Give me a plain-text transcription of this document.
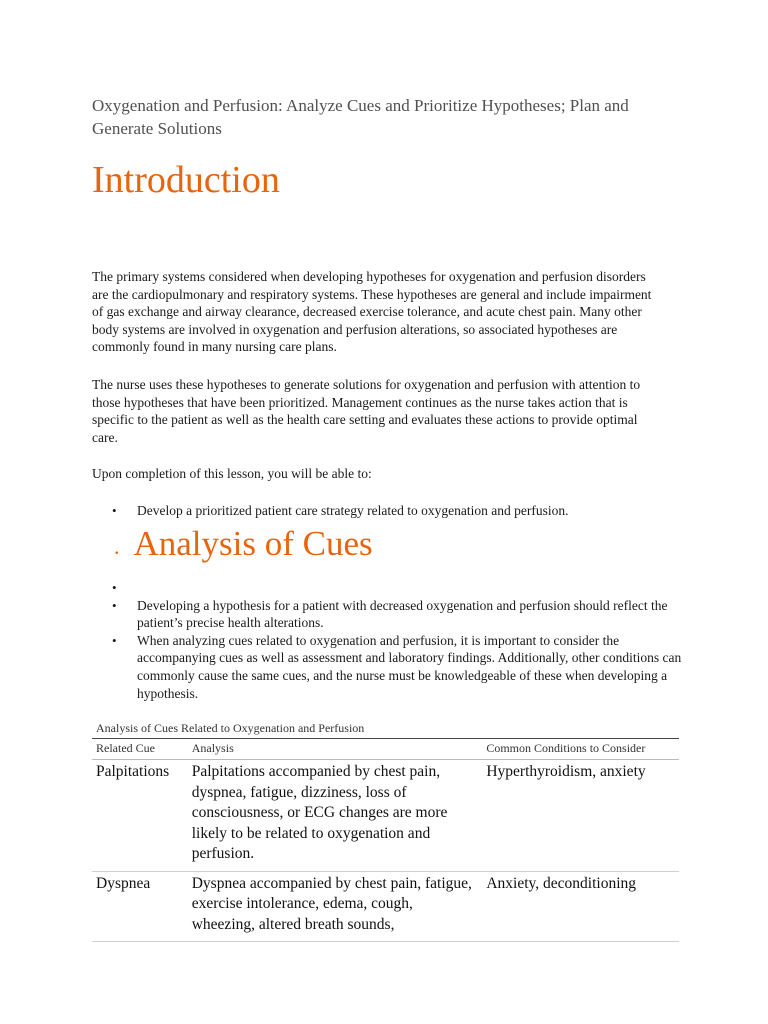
Oxygenation and Perfusion: Analyze Cues and Prioritize Hypotheses; Plan and Generate Solutions
Introduction

The primary systems considered when developing hypotheses for oxygenation and perfusion disorders are the cardiopulmonary and respiratory systems. These hypotheses are general and include impairment of gas exchange and airway clearance, decreased exercise tolerance, and acute chest pain. Many other body systems are involved in oxygenation and perfusion alterations, so associated hypotheses are commonly found in many nursing care plans.

The nurse uses these hypotheses to generate solutions for oxygenation and perfusion with attention to those hypotheses that have been prioritized. Management continues as the nurse takes action that is specific to the patient as well as the health care setting and evaluates these actions to provide optimal care.

Upon completion of this lesson, you will be able to:

• Develop a prioritized patient care strategy related to oxygenation and perfusion.
. Analysis of Cues
•
• Developing a hypothesis for a patient with decreased oxygenation and perfusion should reflect the patient’s precise health alterations.
• When analyzing cues related to oxygenation and perfusion, it is important to consider the accompanying cues as well as assessment and laboratory findings. Additionally, other conditions can commonly cause the same cues, and the nurse must be knowledgeable of these when developing a hypothesis.
Analysis of Cues Related to Oxygenation and Perfusion
Related Cue	Analysis	Common Conditions to Consider
Palpitations	Palpitations accompanied by chest pain, dyspnea, fatigue, dizziness, loss of consciousness, or ECG changes are more likely to be related to oxygenation and perfusion.	Hyperthyroidism, anxiety
Dyspnea	Dyspnea accompanied by chest pain, fatigue, exercise intolerance, edema, cough, wheezing, altered breath sounds,	Anxiety, deconditioning
